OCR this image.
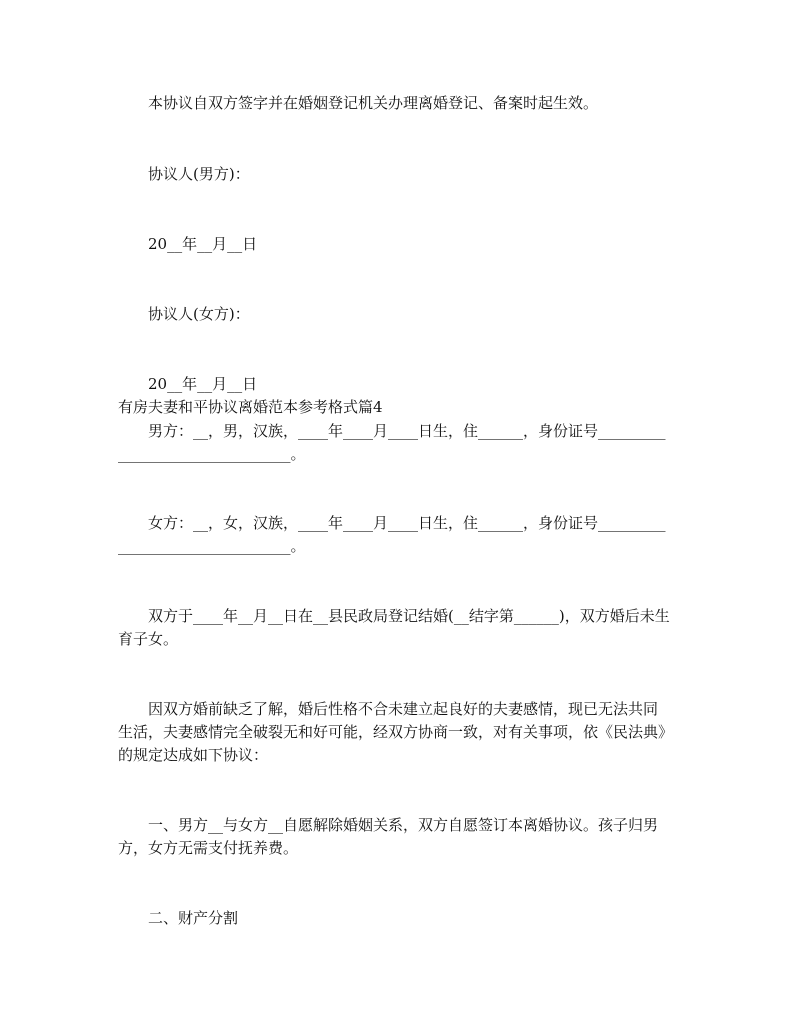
本协议自双方签字并在婚姻登记机关办理离婚登记、备案时起生效。
协议人(男方)：
20__年__月__日
协议人(女方)：
20__年__月__日
有房夫妻和平协议离婚范本参考格式篇4
男方：__，男，汉族，____年____月____日生，住______，身份证号________________________________。
女方：__，女，汉族，____年____月____日生，住______，身份证号________________________________。
双方于____年__月__日在__县民政局登记结婚(__结字第______)，双方婚后未生育子女。
因双方婚前缺乏了解，婚后性格不合未建立起良好的夫妻感情，现已无法共同生活，夫妻感情完全破裂无和好可能，经双方协商一致，对有关事项，依《民法典》的规定达成如下协议：
一、男方__与女方__自愿解除婚姻关系，双方自愿签订本离婚协议。孩子归男方，女方无需支付抚养费。
二、财产分割
